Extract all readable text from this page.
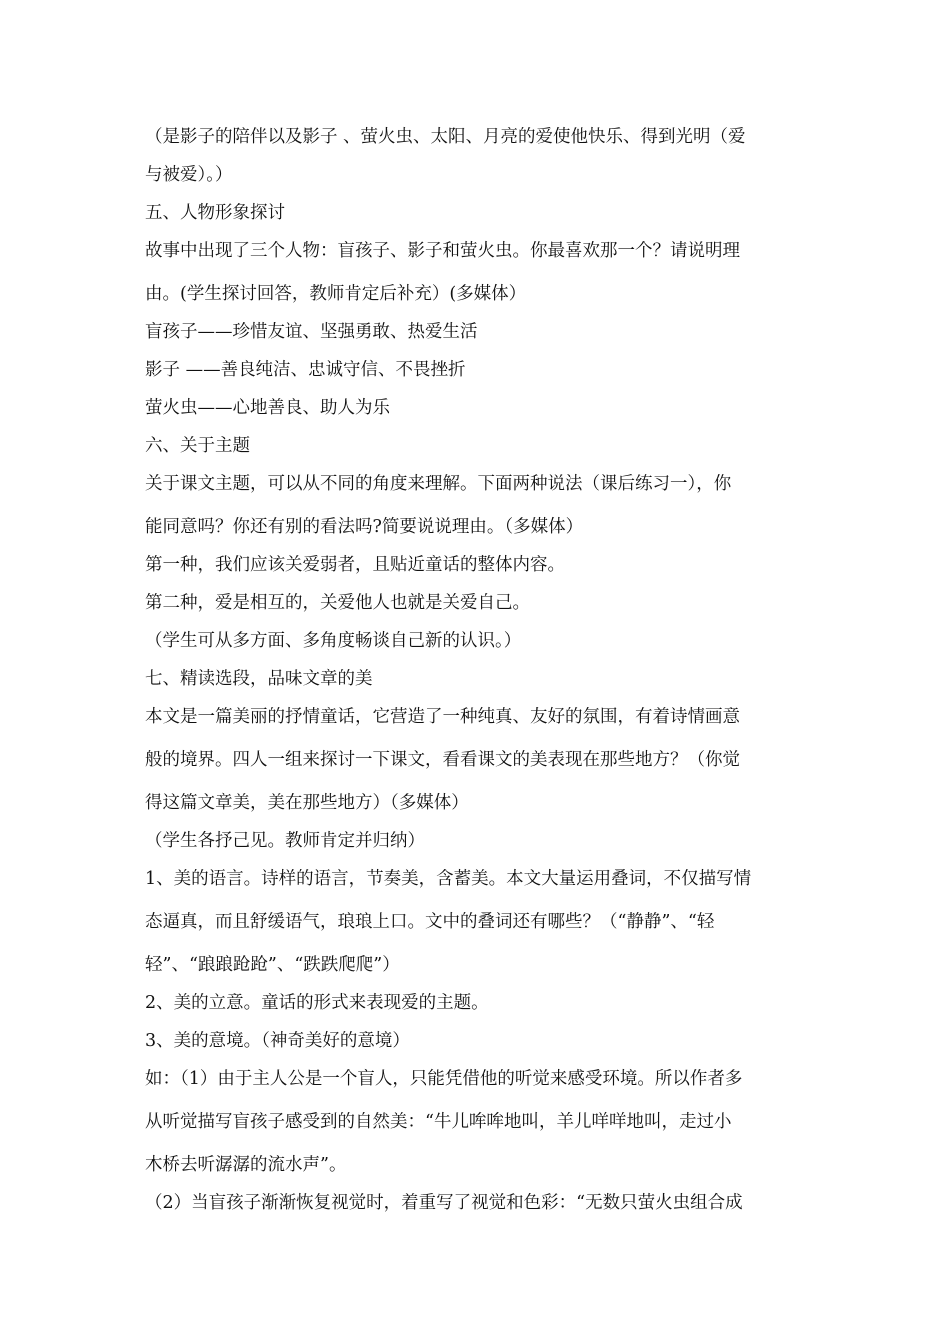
（是影子的陪伴以及影子 、萤火虫、太阳、月亮的爱使他快乐、得到光明（爱
与被爱）。）
五、人物形象探讨
故事中出现了三个人物：盲孩子、影子和萤火虫。你最喜欢那一个？请说明理
由。(学生探讨回答，教师肯定后补充）(多媒体）
盲孩子——珍惜友谊、坚强勇敢、热爱生活
影子 ——善良纯洁、忠诚守信、不畏挫折
萤火虫——心地善良、助人为乐
六、关于主题
关于课文主题，可以从不同的角度来理解。下面两种说法（课后练习一），你
能同意吗？你还有别的看法吗?简要说说理由。（多媒体）
第一种，我们应该关爱弱者，且贴近童话的整体内容。
第二种，爱是相互的，关爱他人也就是关爱自己。
（学生可从多方面、多角度畅谈自己新的认识。）
七、精读选段，品味文章的美
本文是一篇美丽的抒情童话，它营造了一种纯真、友好的氛围，有着诗情画意
般的境界。四人一组来探讨一下课文，看看课文的美表现在那些地方？（你觉
得这篇文章美，美在那些地方）（多媒体）
（学生各抒己见。教师肯定并归纳）
1、美的语言。诗样的语言，节奏美，含蓄美。本文大量运用叠词，不仅描写情
态逼真，而且舒缓语气，琅琅上口。文中的叠词还有哪些？（“静静”、“轻
轻”、“踉踉跄跄”、“跌跌爬爬”）
2、美的立意。童话的形式来表现爱的主题。
3、美的意境。（神奇美好的意境）
如：（1）由于主人公是一个盲人，只能凭借他的听觉来感受环境。所以作者多
从听觉描写盲孩子感受到的自然美：“牛儿哞哞地叫，羊儿咩咩地叫，走过小
木桥去听潺潺的流水声”。
（2）当盲孩子渐渐恢复视觉时，着重写了视觉和色彩：“无数只萤火虫组合成
